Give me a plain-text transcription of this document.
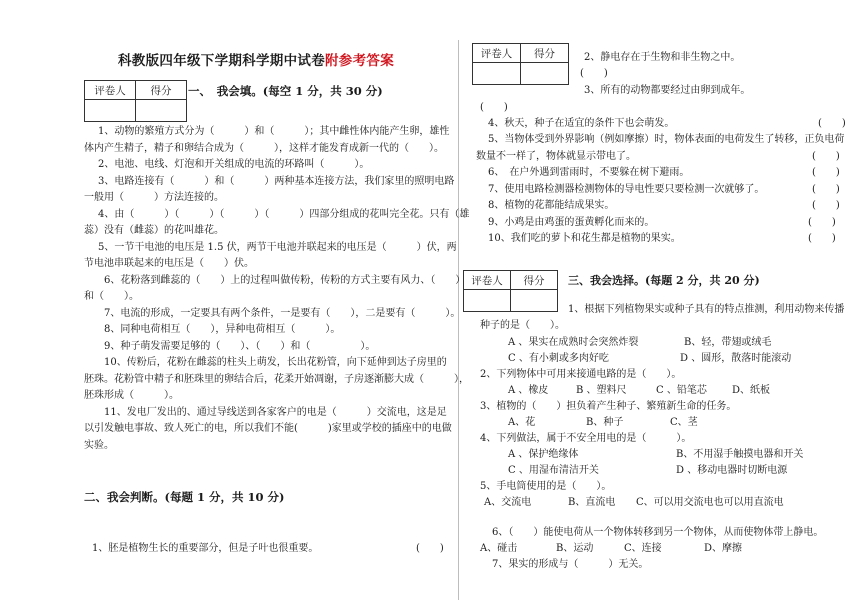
科教版四年级下学期科学期中试卷附参考答案
评卷人	得分
	一、　我会填。(每空 1 分，共 30 分)
1、动物的繁殖方式分为（　　　）和（　　　）；其中雌性体内能产生卵，雄性
体内产生精子，精子和卵结合成为（　　　），这样才能发育成新一代的（　　）。
2、电池、电线、灯泡和开关组成的电流的环路叫（　　　）。
3、电路连接有（　　　）和（　　　）两种基本连接方法，我们家里的照明电路
一般用（　　　）方法连接的。
4、由（　　　）（　　　）（　　　）（　　　）四部分组成的花叫完全花。只有（雄
蕊）没有（雌蕊）的花叫雄花。
5、一节干电池的电压是 1.5 伏，两节干电池并联起来的电压是（　　　）伏，两
节电池串联起来的电压是（　　）伏。
6、花粉落到雌蕊的（　　）上的过程叫做传粉，传粉的方式主要有风力、（　　）
和（　　）。
7、电流的形成，一定要具有两个条件，一是要有（　　），二是要有（　　　）。
8、同种电荷相互（　　），异种电荷相互（　　　）。
9、种子萌发需要足够的（　　）、（　　）和（　　　　　）。
10、传粉后，花粉在雌蕊的柱头上萌发，长出花粉管，向下延伸到达子房里的
胚珠。花粉管中精子和胚珠里的卵结合后，花柔开始凋谢，子房逐渐膨大成（　　　），
胚珠形成（　　　）。
11、发电厂发出的、通过导线送到各家客户的电是（　　　）交流电，这是足
以引发触电事故、致人死亡的电，所以我们不能(　　　)家里或学校的插座中的电做
实验。
二、我会判断。(每题 1 分，共 10 分)
1、胚是植物生长的重要部分，但是子叶也很重要。	(　　)
评卷人	得分
		2、静电存在于生物和非生物之中。
(　　)
3、所有的动物都要经过由卵到成年。
(　　)
4、秋天，种子在适宜的条件下也会萌发。	(　　)
5、当物体受到外界影响（例如摩擦）时，物体表面的电荷发生了转移，正负电荷
数量不一样了，物体就显示带电了。	(　　)
6、　在户外遇到雷雨时，不要躲在树下避雨。	(　　)
7、使用电路检测器检测物体的导电性要只要检测一次就够了。	(　　)
8、植物的花都能结成果实。	(　　)
9、小鸡是由鸡蛋的蛋黄孵化而来的。	(　　)
10、我们吃的萝卜和花生都是植物的果实。	(　　)
评卷人	得分
	三、我会选择。(每题 2 分，共 20 分)
1、根据下列植物果实或种子具有的特点推测，利用动物来传播
种子的是（　　）。
A 、果实在成熟时会突然炸裂	B、轻，带翅或绒毛
C 、有小刺或多肉好吃	D 、圆形，散落时能滚动
2、下列物体中可用来接通电路的是（　　）。
A 、橡皮	B 、塑料尺	C 、铅笔芯	D、纸板
3、植物的（　　）担负着产生种子、繁殖新生命的任务。
A、花	B、种子	C、茎
4、下列做法，属于不安全用电的是（　　　）。
A 、保护绝缘体	B、不用湿手触摸电器和开关
C 、用湿布清洁开关	D 、移动电器时切断电源
5、手电筒使用的是（　　）。
A、交流电	B、直流电 C、可以用交流电也可以用直流电
6、（　　）能使电荷从一个物体转移到另一个物体，从而使物体带上静电。
A、碰击	B、运动	C、连接	D、摩擦
7、果实的形成与（　　　）无关。
